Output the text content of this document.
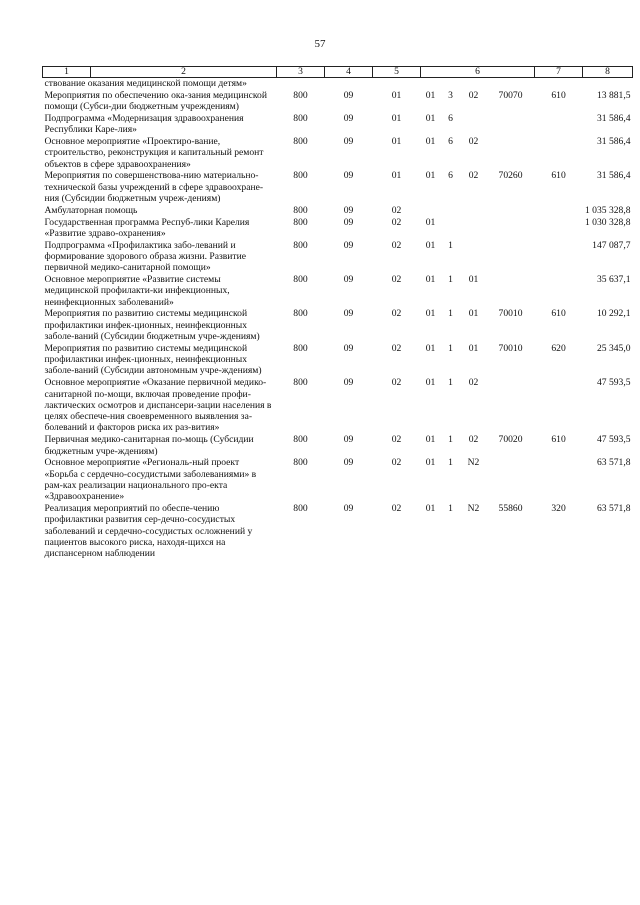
57
1	2	3	4	5	6				7	8
ствование оказания медицинской помощи детям»										
Мероприятия по обеспечению ока-зания медицинской помощи (Субси-дии бюджетным учреждениям)		800	09	01	01	3	02	70070	610	13 881,5
Подпрограмма «Модернизация здравоохранения Республики Каре-лия»		800	09	01	01	6				31 586,4
Основное мероприятие «Проектиро-вание, строительство, реконструкция и капитальный ремонт объектов в сфере здравоохранения»		800	09	01	01	6	02			31 586,4
Мероприятия по совершенствова-нию материально-технической базы учреждений в сфере здравоохране-ния (Субсидии бюджетным учреж-дениям)		800	09	01	01	6	02	70260	610	31 586,4
Амбулаторная помощь		800	09	02						1 035 328,8
Государственная программа Респуб-лики Карелия «Развитие здраво-охранения»		800	09	02	01					1 030 328,8
Подпрограмма «Профилактика забо-леваний и формирование здорового образа жизни. Развитие первичной медико-санитарной помощи»		800	09	02	01	1				147 087,7
Основное мероприятие «Развитие системы медицинской профилакти-ки инфекционных, неинфекционных заболеваний»		800	09	02	01	1	01			35 637,1
Мероприятия по развитию системы медицинской профилактики инфек-ционных, неинфекционных заболе-ваний (Субсидии бюджетным учре-ждениям)		800	09	02	01	1	01	70010	610	10 292,1
Мероприятия по развитию системы медицинской профилактики инфек-ционных, неинфекционных заболе-ваний (Субсидии автономным учре-ждениям)		800	09	02	01	1	01	70010	620	25 345,0
Основное мероприятие «Оказание первичной медико-санитарной по-мощи, включая проведение профи-лактических осмотров и диспансери-зации населения в целях обеспече-ния своевременного выявления за-болеваний и факторов риска их раз-вития»		800	09	02	01	1	02			47 593,5
Первичная медико-санитарная по-мощь (Субсидии бюджетным учре-ждениям)		800	09	02	01	1	02	70020	610	47 593,5
Основное мероприятие «Региональ-ный проект «Борьба с сердечно-сосудистыми заболеваниями» в рам-ках реализации национального про-екта «Здравоохранение»		800	09	02	01	1	N2			63 571,8
Реализация мероприятий по обеспе-чению профилактики развития сер-дечно-сосудистых заболеваний и сердечно-сосудистых осложнений у пациентов высокого риска, находя-щихся на диспансерном наблюдении		800	09	02	01	1	N2	55860	320	63 571,8
